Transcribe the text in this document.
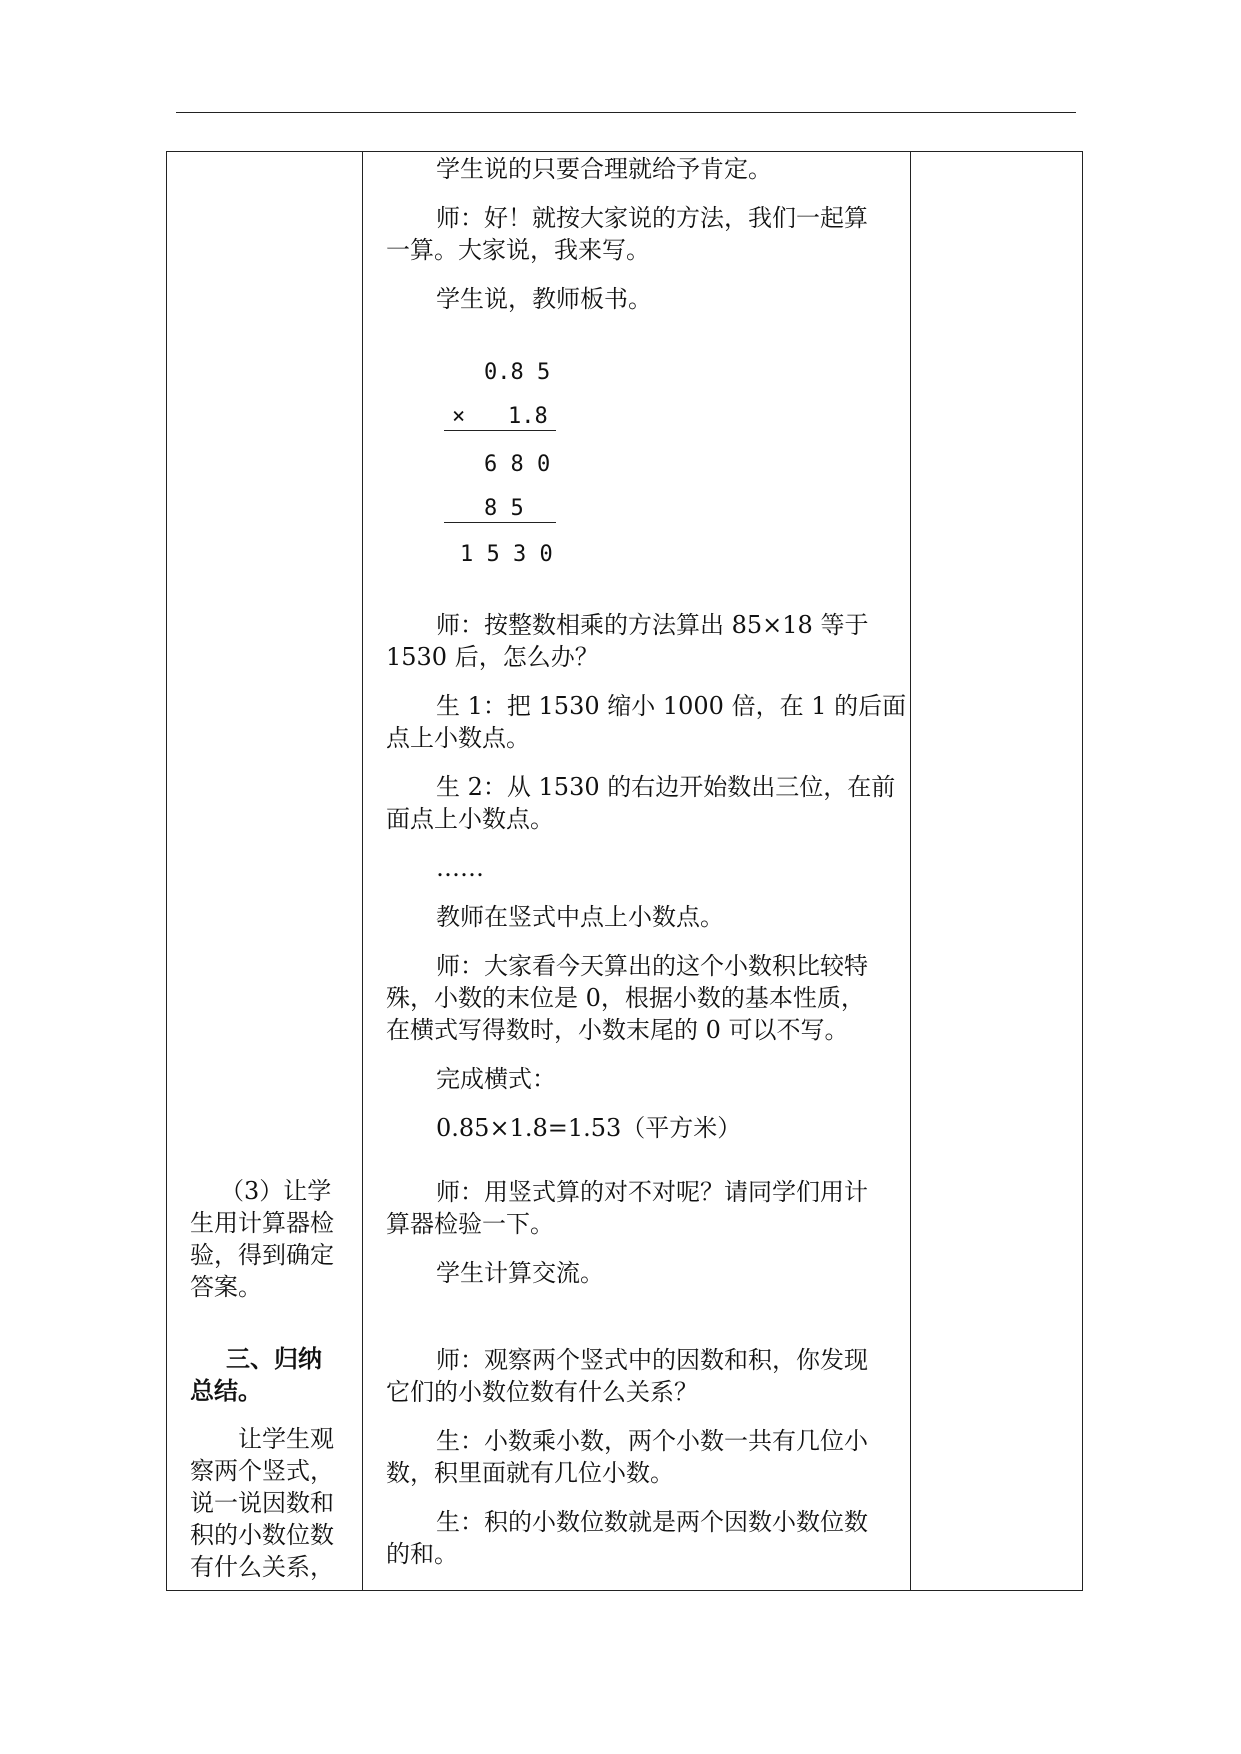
（3）让学

生用计算器检

验，得到确定

答案。

三、归纳

总结。

让学生观

察两个竖式，

说一说因数和

积的小数位数

有什么关系，

学生说的只要合理就给予肯定。

师：好！就按大家说的方法，我们一起算

一算。大家说，我来写。

学生说，教师板书。

0.8 5
× 1.8
6 8 0
8 5
1 5 3 0

师：按整数相乘的方法算出 85×18 等于

1530 后，怎么办？

生 1：把 1530 缩小 1000 倍，在 1 的后面

点上小数点。

生 2：从 1530 的右边开始数出三位，在前

面点上小数点。

……

教师在竖式中点上小数点。

师：大家看今天算出的这个小数积比较特

殊，小数的末位是 0，根据小数的基本性质，

在横式写得数时，小数末尾的 0 可以不写。

完成横式：

0.85×1.8=1.53（平方米）

师：用竖式算的对不对呢？请同学们用计

算器检验一下。

学生计算交流。

师：观察两个竖式中的因数和积，你发现

它们的小数位数有什么关系？

生：小数乘小数，两个小数一共有几位小

数，积里面就有几位小数。

生：积的小数位数就是两个因数小数位数

的和。
